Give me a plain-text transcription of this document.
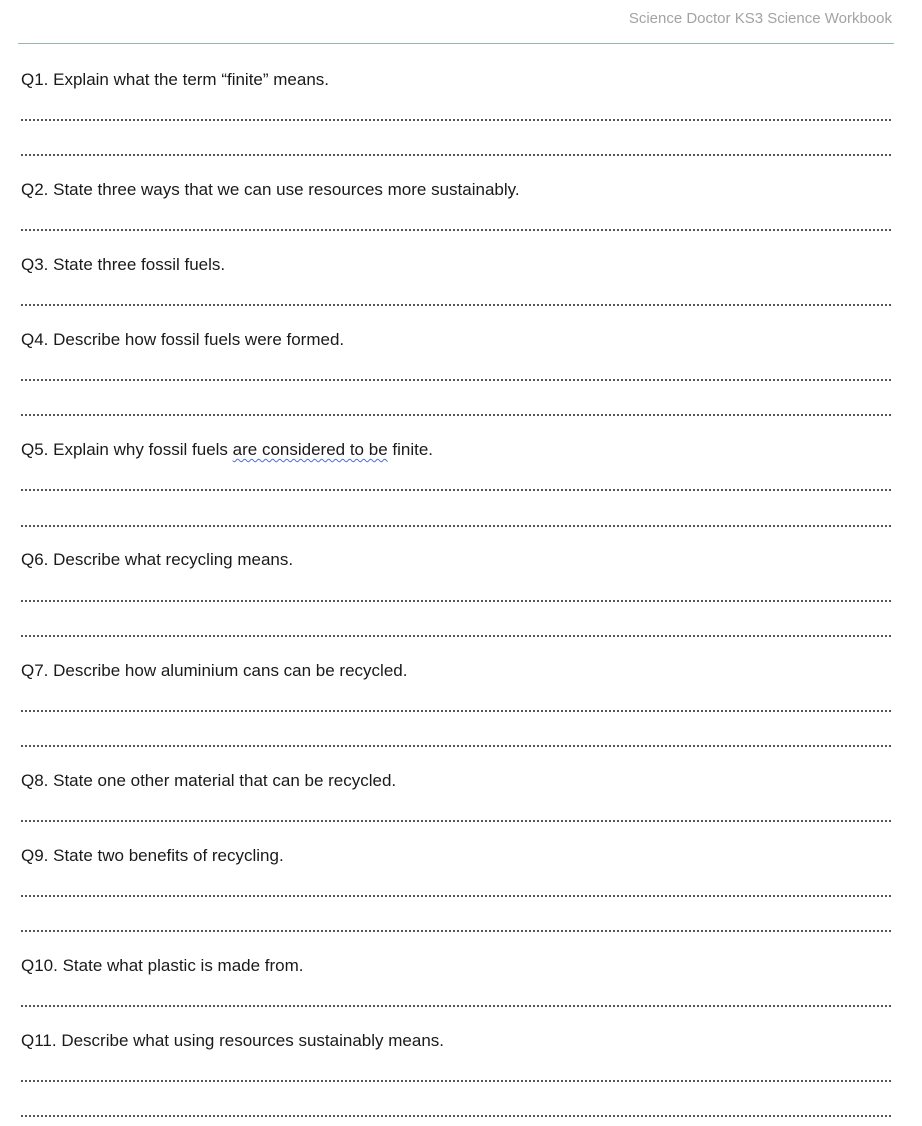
Science Doctor KS3 Science Workbook
Q1. Explain what the term “finite” means.
Q2. State three ways that we can use resources more sustainably.
Q3. State three fossil fuels.
Q4. Describe how fossil fuels were formed.
Q5. Explain why fossil fuels are considered to be finite.
Q6. Describe what recycling means.
Q7. Describe how aluminium cans can be recycled.
Q8. State one other material that can be recycled.
Q9. State two benefits of recycling.
Q10. State what plastic is made from.
Q11. Describe what using resources sustainably means.
